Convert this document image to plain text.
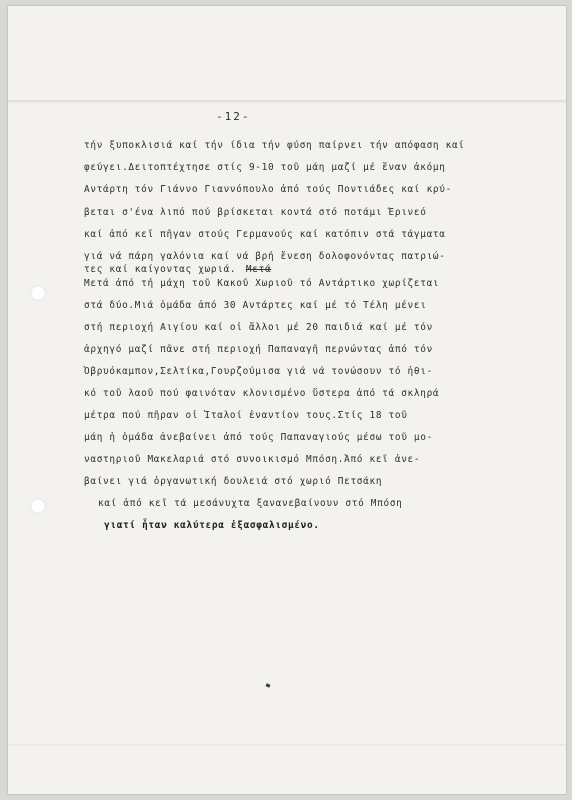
-12-
τήν ξυποκλισιά καί τήν ίδια τήν φύση παίρνει τήν απόφαση καί
φεύγει.Δειτοπτέχτησε στίς 9-10 τοῦ μάη μαζί μέ ἕναν ἀκόμη
Αντάρτη τόν Γιάννο Γιαννόπουλο ἀπό τούς Ποντιάδες καί κρύ-
βεται σ'ένα λιπό πού βρίσκεται κοντά στό ποτάμι Έρινεό
καί ἀπό κεῖ πῆγαν στούς Γερμανούς καί κατόπιν στά τάγματα
γιά νά πάρη γαλόνια καί νά βρή ἔνεση δολοφονόντας πατριώ-
τες καί καίγοντας χωριά. Μετά
Μετά ἀπό τή μάχη τοῦ Κακοῦ Χωριοῦ τό Αντάρτικο χωρίζεται
στά δύο.Μιά ὁμάδα ἀπό 30 Αντάρτες καί μέ τό Τέλη μένει
στή περιοχή Αιγίου καί οἱ ἄλλοι μέ 20 παιδιά καί μέ τόν
ἀρχηγό μαζί πᾶνε στή περιοχή Παπαναγῆ περνώντας ἀπό τόν
Ὀβρυόκαμπον,Σελτίκα,Γουρζούμισα γιά νά τονώσουν τό ἠθι-
κό τοῦ λαοῦ πού φαινόταν κλονισμένο ὕστερα ἀπό τά σκληρά
μέτρα πού πῆραν οἱ Ἰταλοί ἐναντίον τους.Στίς 18 τοῦ
μάη ἡ ὁμάδα ἀνεβαίνει ἀπό τούς Παπαναγιούς μέσω τοῦ μο-
ναστηριοῦ Μακελαριά στό συνοικισμό Μπόση.Ἀπό κεῖ ἀνε-
βαίνει γιά ὀργανωτική δουλειά στό χωριό Πετσάκη
καί ἀπό κεῖ τά μεσάνυχτα ξανανεβαίνουν στό Μπόση
γιατί ἦταν καλύτερα ἐξασφαλισμένο.
